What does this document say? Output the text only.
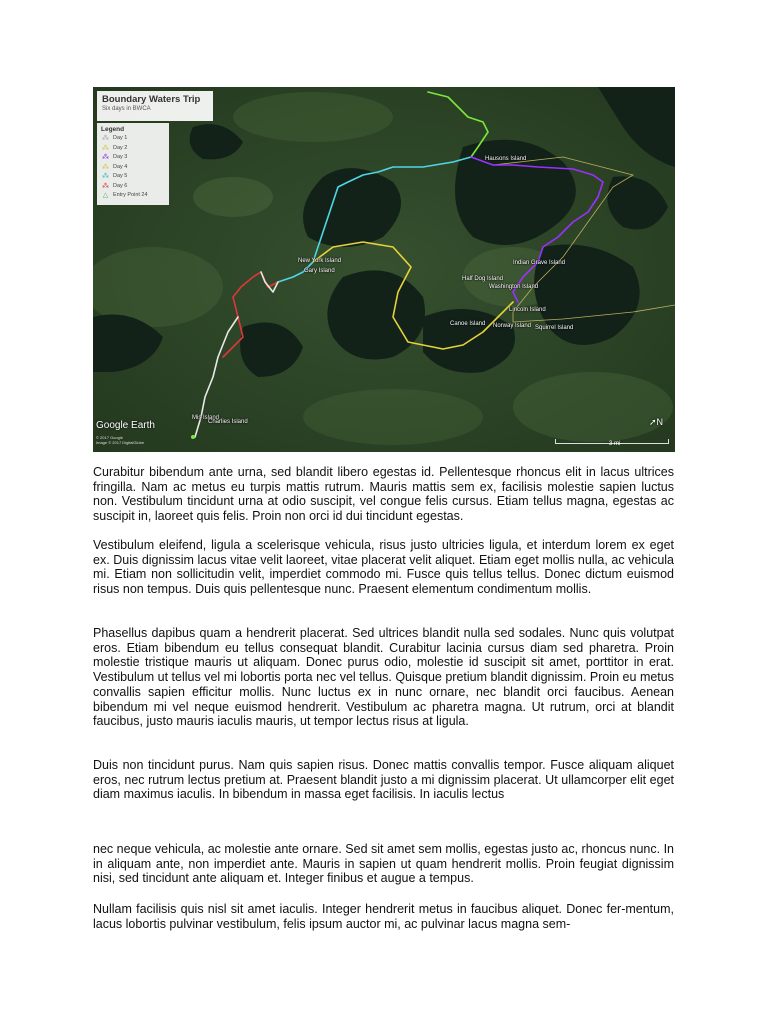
Boundary Waters Trip
Six days in BWCA
Legend
⁂ Day 1
⁂ Day 2
⁂ Day 3
⁂ Day 4
⁂ Day 5
⁂ Day 6
△ Entry Point 24
Hausons Island
New York Island
Gary Island
Indian Grave Island
Half Dog Island
Washington Island
Lincoln Island
Canoe Island Norway Island Squirrel Island
Mis Island
Charlies Island
Google Earth
© 2017 Google
Image © 2017 DigitalGlobe	3 mi
➚N

Curabitur bibendum ante urna, sed blandit libero egestas id. Pellentesque rhoncus elit in lacus ultrices fringilla. Nam ac metus eu turpis mattis rutrum. Mauris mattis sem ex, facilisis molestie sapien luctus non. Vestibulum tincidunt urna at odio suscipit, vel congue felis cursus. Etiam tellus magna, egestas ac suscipit in, laoreet quis felis. Proin non orci id dui tincidunt egestas.

Vestibulum eleifend, ligula a scelerisque vehicula, risus justo ultricies ligula, et interdum lorem ex eget ex. Duis dignissim lacus vitae velit laoreet, vitae placerat velit aliquet. Etiam eget mollis nulla, ac vehicula mi. Etiam non sollicitudin velit, imperdiet commodo mi. Fusce quis tellus tellus. Donec dictum euismod risus non tempus. Duis quis pellentesque nunc. Praesent elementum condimentum mollis.

Phasellus dapibus quam a hendrerit placerat. Sed ultrices blandit nulla sed sodales. Nunc quis volutpat eros. Etiam bibendum eu tellus consequat blandit. Curabitur lacinia cursus diam sed pharetra. Proin molestie tristique mauris ut aliquam. Donec purus odio, molestie id suscipit sit amet, porttitor in erat. Vestibulum ut tellus vel mi lobortis porta nec vel tellus. Quisque pretium blandit dignissim. Proin eu metus convallis sapien efficitur mollis. Nunc luctus ex in nunc ornare, nec blandit orci faucibus. Aenean bibendum mi vel neque euismod hendrerit. Vestibulum ac pharetra magna. Ut rutrum, orci at blandit faucibus, justo mauris iaculis mauris, ut tempor lectus risus at ligula.

Duis non tincidunt purus. Nam quis sapien risus. Donec mattis convallis tempor. Fusce aliquam aliquet eros, nec rutrum lectus pretium at. Praesent blandit justo a mi dignissim placerat. Ut ullamcorper elit eget diam maximus iaculis. In bibendum in massa eget facilisis. In iaculis lectus

nec neque vehicula, ac molestie ante ornare. Sed sit amet sem mollis, egestas justo ac, rhoncus nunc. In in aliquam ante, non imperdiet ante. Mauris in sapien ut quam hendrerit mollis. Proin feugiat dignissim nisi, sed tincidunt ante aliquam et. Integer finibus et augue a tempus.

Nullam facilisis quis nisl sit amet iaculis. Integer hendrerit metus in faucibus aliquet. Donec fer-mentum, lacus lobortis pulvinar vestibulum, felis ipsum auctor mi, ac pulvinar lacus magna sem-
